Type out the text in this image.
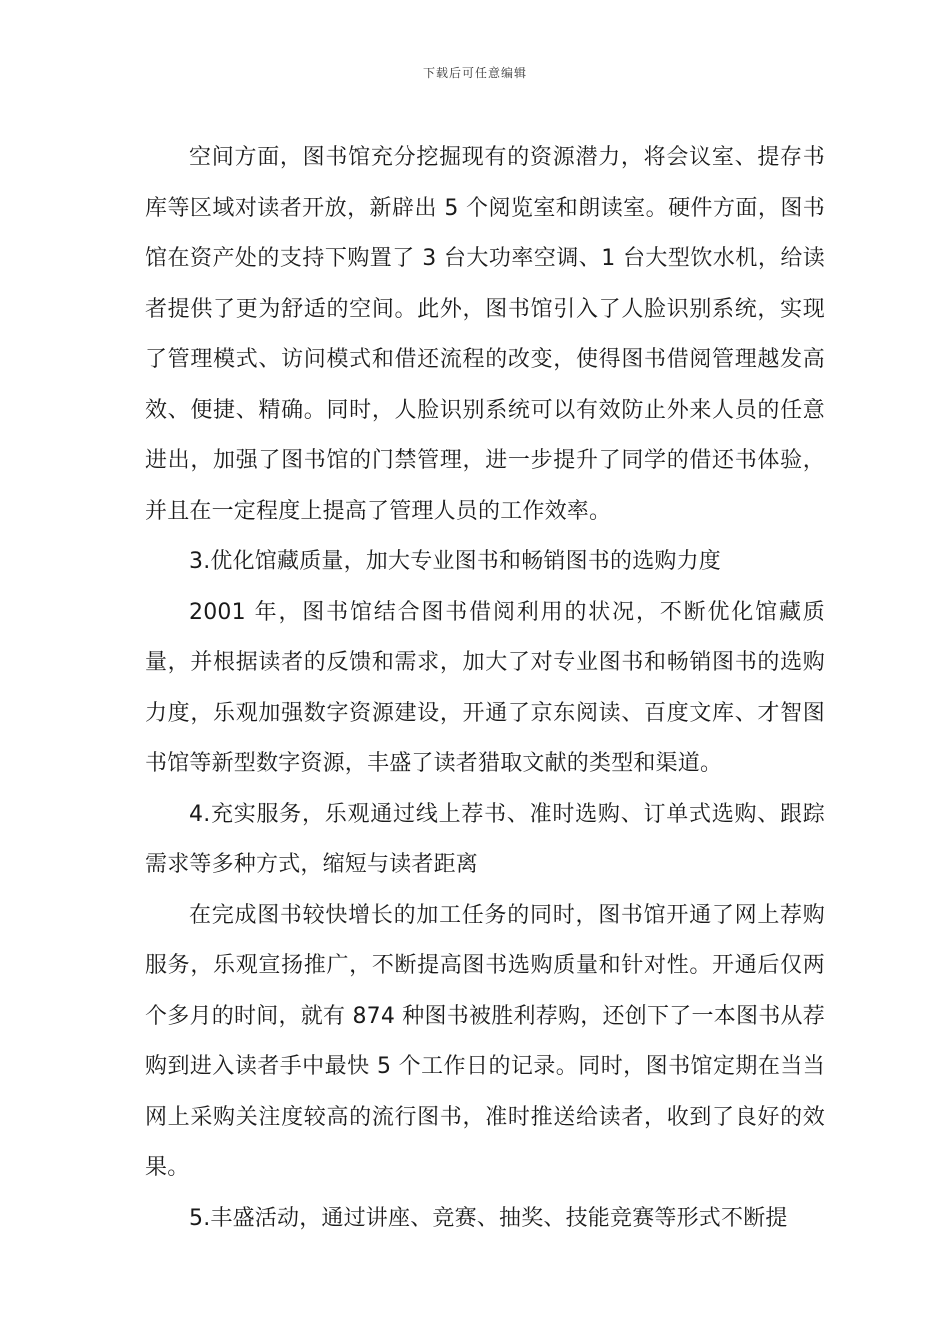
下载后可任意编辑

空间方面，图书馆充分挖掘现有的资源潜力，将会议室、提存书库等区域对读者开放，新辟出 5 个阅览室和朗读室。硬件方面，图书馆在资产处的支持下购置了 3 台大功率空调、1 台大型饮水机，给读者提供了更为舒适的空间。此外，图书馆引入了人脸识别系统，实现了管理模式、访问模式和借还流程的改变，使得图书借阅管理越发高效、便捷、精确。同时，人脸识别系统可以有效防止外来人员的任意进出，加强了图书馆的门禁管理，进一步提升了同学的借还书体验，并且在一定程度上提高了管理人员的工作效率。

3.优化馆藏质量，加大专业图书和畅销图书的选购力度

2001 年，图书馆结合图书借阅利用的状况，不断优化馆藏质量，并根据读者的反馈和需求，加大了对专业图书和畅销图书的选购力度，乐观加强数字资源建设，开通了京东阅读、百度文库、才智图书馆等新型数字资源，丰盛了读者猎取文献的类型和渠道。

4.充实服务，乐观通过线上荐书、准时选购、订单式选购、跟踪需求等多种方式，缩短与读者距离

在完成图书较快增长的加工任务的同时，图书馆开通了网上荐购服务，乐观宣扬推广，不断提高图书选购质量和针对性。开通后仅两个多月的时间，就有 874 种图书被胜利荐购，还创下了一本图书从荐购到进入读者手中最快 5 个工作日的记录。同时，图书馆定期在当当网上采购关注度较高的流行图书，准时推送给读者，收到了良好的效果。

5.丰盛活动，通过讲座、竞赛、抽奖、技能竞赛等形式不断提
